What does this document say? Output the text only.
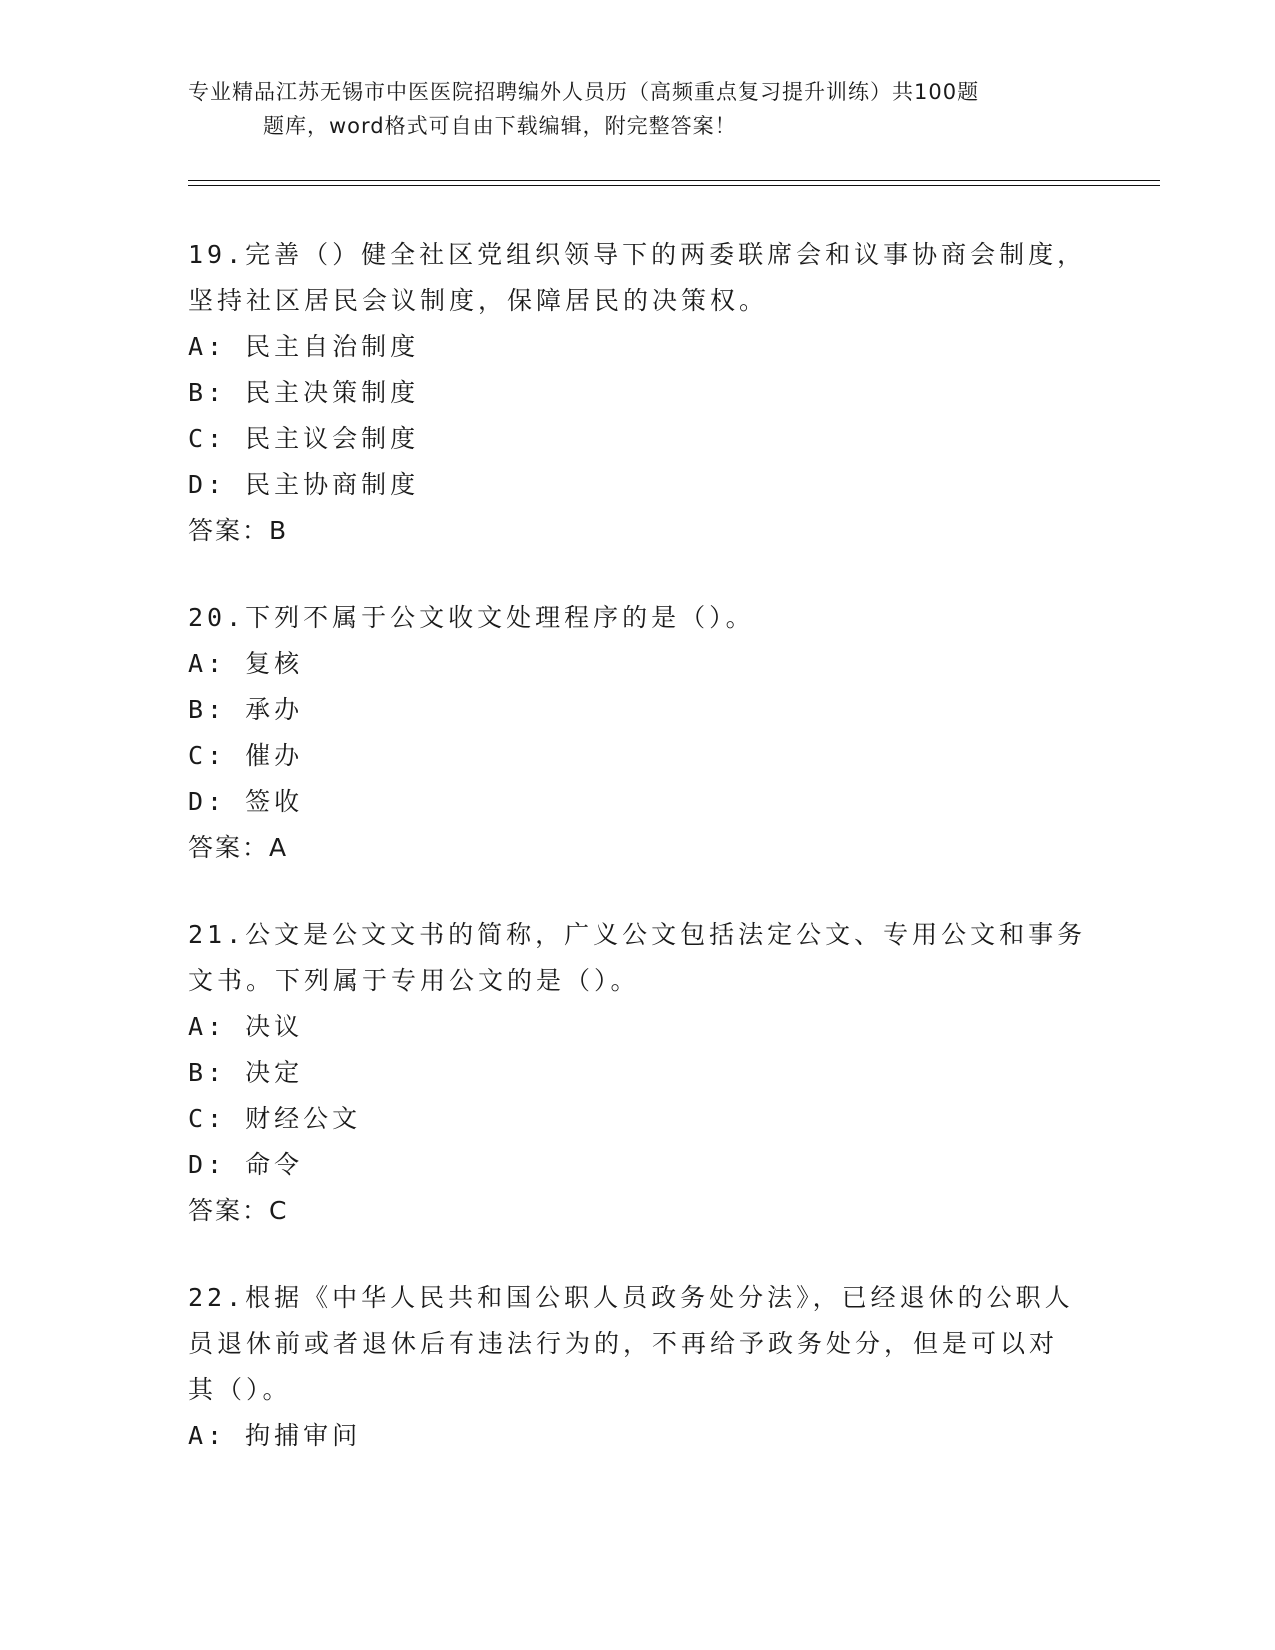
专业精品江苏无锡市中医医院招聘编外人员历（高频重点复习提升训练）共100题
题库，word格式可自由下载编辑，附完整答案！
19.完善（）健全社区党组织领导下的两委联席会和议事协商会制度，
坚持社区居民会议制度，保障居民的决策权。
A: 民主自治制度
B: 民主决策制度
C: 民主议会制度
D: 民主协商制度
答案：B
20.下列不属于公文收文处理程序的是（）。
A: 复核
B: 承办
C: 催办
D: 签收
答案：A
21.公文是公文文书的简称，广义公文包括法定公文、专用公文和事务
文书。下列属于专用公文的是（）。
A: 决议
B: 决定
C: 财经公文
D: 命令
答案：C
22.根据《中华人民共和国公职人员政务处分法》，已经退休的公职人
员退休前或者退休后有违法行为的，不再给予政务处分，但是可以对
其（）。
A: 拘捕审问
